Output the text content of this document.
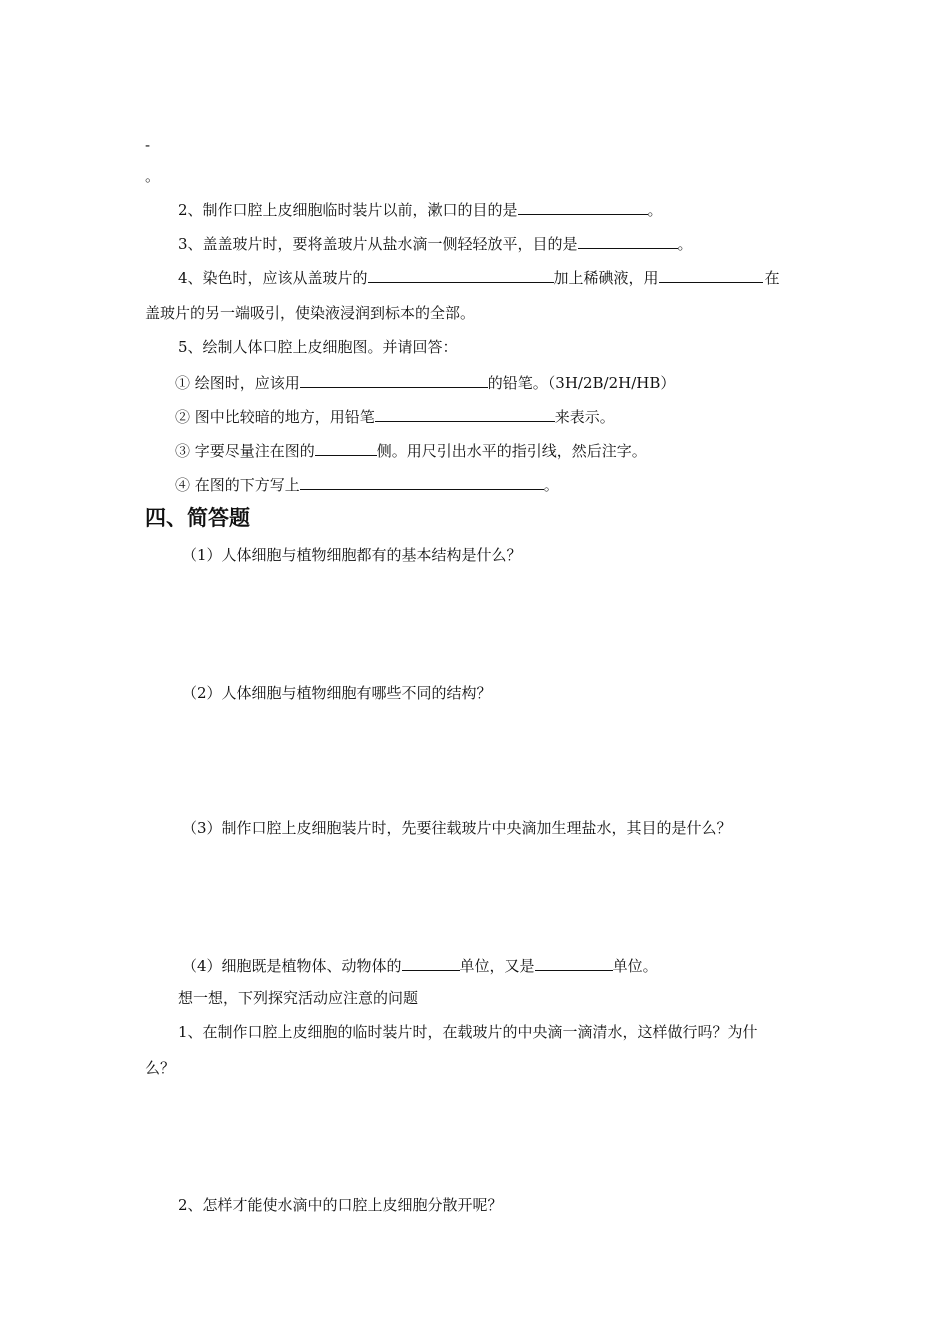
-
。
2、制作口腔上皮细胞临时装片以前，漱口的目的是	。
3、盖盖玻片时，要将盖玻片从盐水滴一侧轻轻放平，目的是	。
4、染色时，应该从盖玻片的	加上稀碘液，用	在
盖玻片的另一端吸引，使染液浸润到标本的全部。
5、绘制人体口腔上皮细胞图。并请回答：
① 绘图时，应该用	的铅笔。（3H/2B/2H/HB）
② 图中比较暗的地方，用铅笔	来表示。
③ 字要尽量注在图的	侧。用尺引出水平的指引线，然后注字。
④ 在图的下方写上	。
四、简答题
（1）人体细胞与植物细胞都有的基本结构是什么？
（2）人体细胞与植物细胞有哪些不同的结构？
（3）制作口腔上皮细胞装片时，先要往载玻片中央滴加生理盐水，其目的是什么？
（4）细胞既是植物体、动物体的	单位，又是	单位。
想一想，下列探究活动应注意的问题
1、在制作口腔上皮细胞的临时装片时，在载玻片的中央滴一滴清水，这样做行吗？为什
么？
2、怎样才能使水滴中的口腔上皮细胞分散开呢？
